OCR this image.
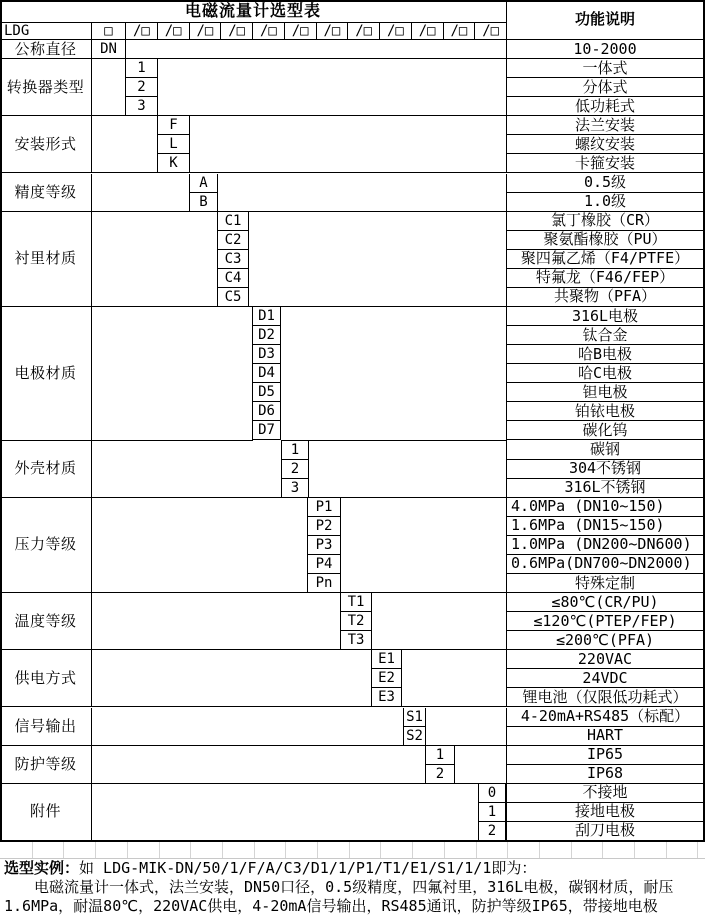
电磁流量计选型表	功能说明
LDG	□	/□	/□	/□	/□	/□	/□	/□	/□	/□	/□	/□	/□
公称直径	DN	10-2000
转换器类型
1	一体式
2	分体式
3	低功耗式
安装形式
F	法兰安装
L	螺纹安装
K	卡箍安装
精度等级
A	0.5级
B	1.0级
衬里材质
C1	氯丁橡胶（CR）
C2	聚氨酯橡胶（PU）
C3	聚四氟乙烯（F4/PTFE）
C4	特氟龙（F46/FEP）
C5	共聚物（PFA）
电极材质
D1	316L电极
D2	钛合金
D3	哈B电极
D4	哈C电极
D5	钽电极
D6	铂铱电极
D7	碳化钨
外壳材质
1	碳钢
2	304不锈钢
3	316L不锈钢
压力等级
P1	4.0MPa (DN10~150)
P2	1.6MPa (DN15~150)
P3	1.0MPa (DN200~DN600)
P4	0.6MPa(DN700~DN2000)
Pn	特殊定制
温度等级
T1	≤80℃(CR/PU)
T2	≤120℃(PTEP/FEP)
T3	≤200℃(PFA)
供电方式
E1	220VAC
E2	24VDC
E3	锂电池（仅限低功耗式）
信号输出
S1	4-20mA+RS485（标配）
S2	HART
防护等级
1	IP65
2	IP68
附件
0	不接地
1	接地电极
2	刮刀电极
选型实例：如 LDG-MIK-DN/50/1/F/A/C3/D1/1/P1/T1/E1/S1/1/1即为：
电磁流量计一体式，法兰安装，DN50口径，0.5级精度，四氟衬里，316L电极，碳钢材质，耐压
1.6MPa，耐温80℃，220VAC供电，4-20mA信号输出，RS485通讯，防护等级IP65，带接地电极
